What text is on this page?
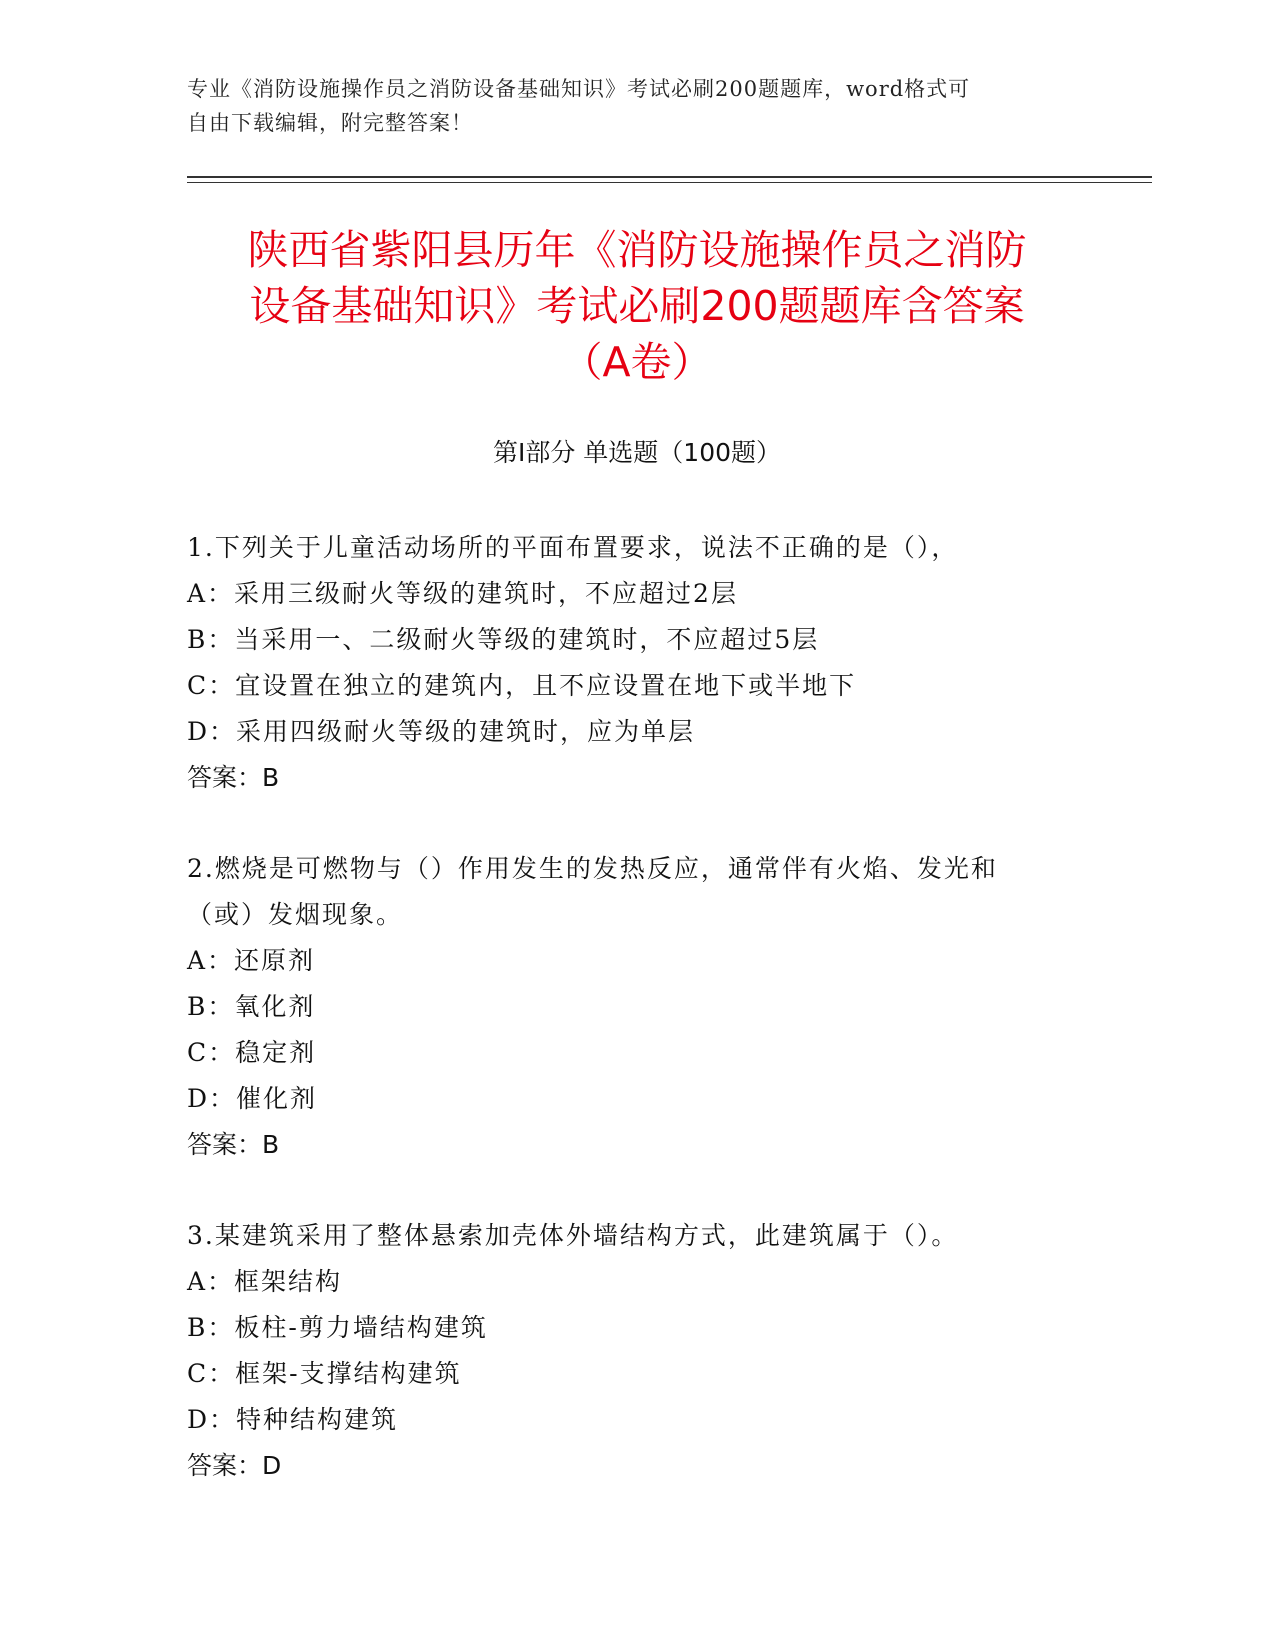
专业《消防设施操作员之消防设备基础知识》考试必刷200题题库，word格式可
自由下载编辑，附完整答案！
陕西省紫阳县历年《消防设施操作员之消防
设备基础知识》考试必刷200题题库含答案
（A卷）
第I部分 单选题（100题）
1.下列关于儿童活动场所的平面布置要求，说法不正确的是（），
A：采用三级耐火等级的建筑时，不应超过2层
B：当采用一、二级耐火等级的建筑时，不应超过5层
C：宜设置在独立的建筑内，且不应设置在地下或半地下
D：采用四级耐火等级的建筑时，应为单层
答案：B
2.燃烧是可燃物与（）作用发生的发热反应，通常伴有火焰、发光和
（或）发烟现象。
A：还原剂
B：氧化剂
C：稳定剂
D：催化剂
答案：B
3.某建筑采用了整体悬索加壳体外墙结构方式，此建筑属于（）。
A：框架结构
B：板柱-剪力墙结构建筑
C：框架-支撑结构建筑
D：特种结构建筑
答案：D
